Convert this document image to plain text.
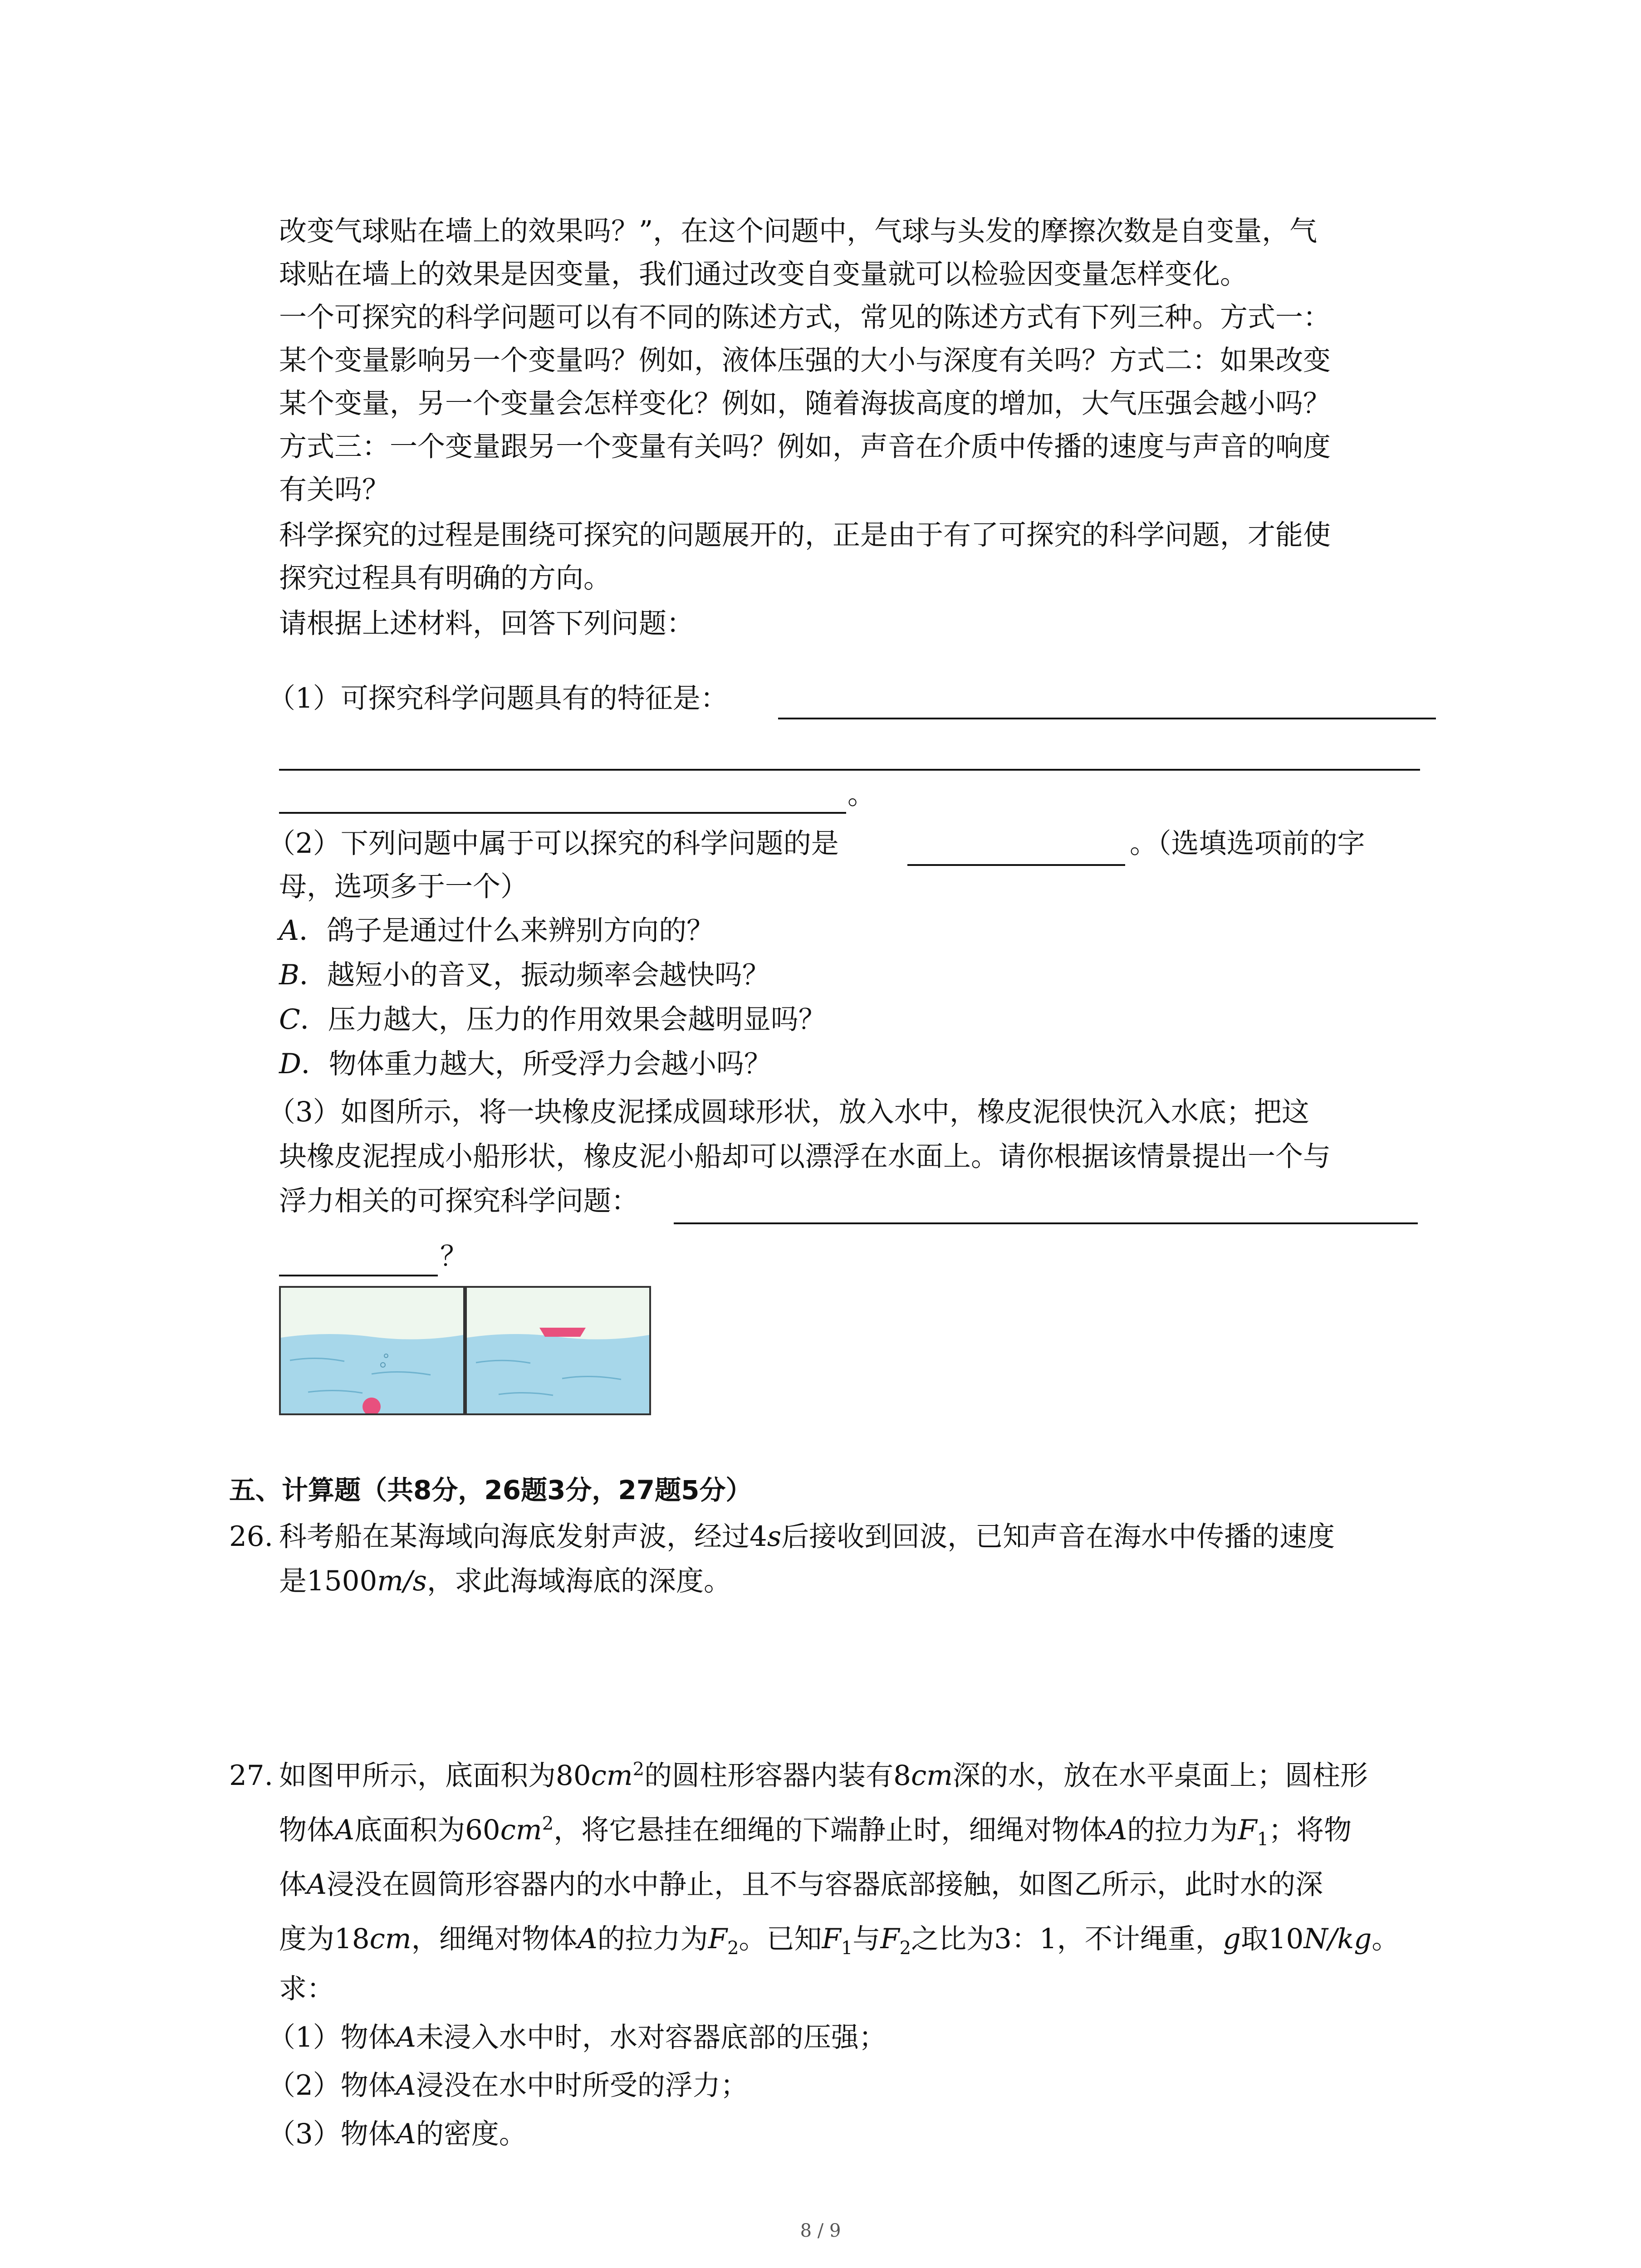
改变气球贴在墙上的效果吗？”，在这个问题中，气球与头发的摩擦次数是自变量，气
球贴在墙上的效果是因变量，我们通过改变自变量就可以检验因变量怎样变化。
一个可探究的科学问题可以有不同的陈述方式，常见的陈述方式有下列三种。方式一：
某个变量影响另一个变量吗？例如，液体压强的大小与深度有关吗？方式二：如果改变
某个变量，另一个变量会怎样变化？例如，随着海拔高度的增加，大气压强会越小吗？
方式三：一个变量跟另一个变量有关吗？例如，声音在介质中传播的速度与声音的响度
有关吗？
科学探究的过程是围绕可探究的问题展开的，正是由于有了可探究的科学问题，才能使
探究过程具有明确的方向。
请根据上述材料，回答下列问题：
（1）可探究科学问题具有的特征是：
。
（2）下列问题中属于可以探究的科学问题的是	。（选填选项前的字
母，选项多于一个）
A．鸽子是通过什么来辨别方向的？
B．越短小的音叉，振动频率会越快吗？
C．压力越大，压力的作用效果会越明显吗？
D．物体重力越大，所受浮力会越小吗？
（3）如图所示，将一块橡皮泥揉成圆球形状，放入水中，橡皮泥很快沉入水底；把这
块橡皮泥捏成小船形状，橡皮泥小船却可以漂浮在水面上。请你根据该情景提出一个与
浮力相关的可探究科学问题：
？
五、计算题（共8分，26题3分，27题5分）
26. 科考船在某海域向海底发射声波，经过4s后接收到回波，已知声音在海水中传播的速度
是1500m/s，求此海域海底的深度。
27. 如图甲所示，底面积为$80cm^2$的圆柱形容器内装有8cm深的水，放在水平桌面上；圆柱形
物体A底面积为$60cm^2$，将它悬挂在细绳的下端静止时，细绳对物体A的拉力为$F_1$；将物
体A浸没在圆筒形容器内的水中静止，且不与容器底部接触，如图乙所示，此时水的深
度为18cm，细绳对物体A的拉力为$F_2$。已知$F_1$与$F_2$之比为3：1，不计绳重，g取10N/kg。
求：
（1）物体A未浸入水中时，水对容器底部的压强；
（2）物体A浸没在水中时所受的浮力；
（3）物体A的密度。
8 / 9
